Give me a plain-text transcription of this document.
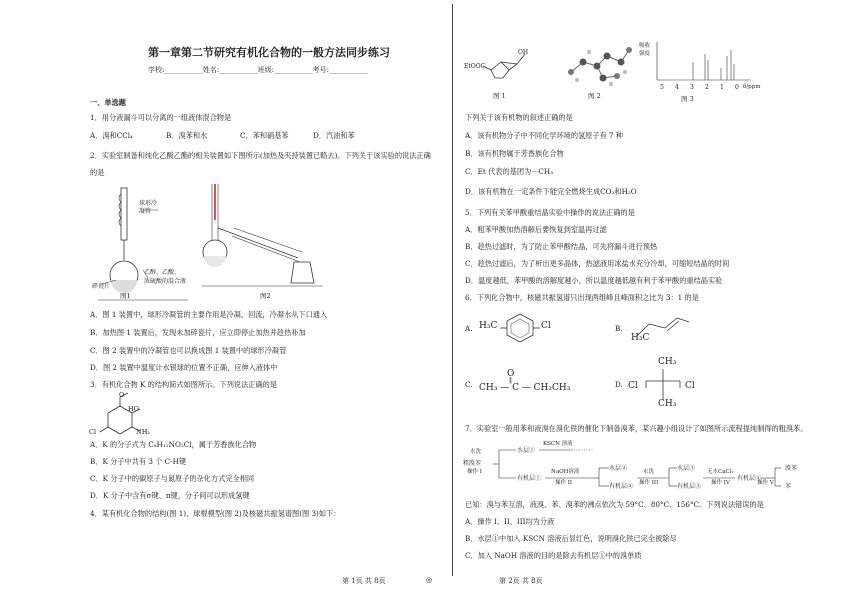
第一章第二节研究有机化合物的一般方法同步练习
学校:___________姓名:___________班级:___________考号:___________
一、单选题
1．用分液漏斗可以分离的一组液体混合物是
A．溴和CCl₄	B．溴苯和水	C．苯和硝基苯	D．汽油和苯
2．实验室制备和纯化乙酸乙酯的相关装置如下图所示(加热及夹持装置已略去)。下列关于该实验的说法正确
的是
球形冷
凝管
乙醇、乙酸、
碎瓷片
浓硫酸的混合液
图1	图2
A．图 1 装置中，球形冷凝管的主要作用是冷凝、回流，冷凝水从下口通入
B．加热图 1 装置后，发现未加碎瓷片，应立即停止加热并趁热补加
C．图 2 装置中的冷凝管也可以换成图 1 装置中的球形冷凝管
D．图 2 装置中温度计水银球的位置不正确，应伸入液体中
3．有机化合物 K 的结构简式如图所示。下列说法正确的是
O
HO
Cl	NH₂
A．K 的分子式为 C₈H₁₂NO₂Cl，属于芳香族化合物
B．K 分子中共有 3 个 C-H键
C．K 分子中的碳原子与氮原子的杂化方式完全相同
D．K 分子中含有σ键、π键，分子间可以形成氢键
4．某有机化合物的结构(图 1)、球棍模型(图 2)及核磁共振氢谱图(图 3)如下：
第 1页 共 8页	◎
EtOOC
OH
图 1	图 2
吸收
强度
5 4 3 2 1 0 δ/ppm
图 3
下列关于该有机物的叙述正确的是
A．该有机物分子中不同化学环境的氢原子有 7 种
B．该有机物属于芳香族化合物
C．Et 代表的基团为－CH₃
D．该有机物在一定条件下能完全燃烧生成CO₂和H₂O
5．下列有关苯甲酸重结晶实验中操作的说法正确的是
A．粗苯甲酸加热溶解后要恢复到室温再过滤
B．趁热过滤时，为了防止苯甲酸结晶，可先将漏斗进行预热
C．趁热过滤后，为了析出更多晶体，热滤液用冰盐水充分冷却，可缩短结晶的时间
D．温度越低，苯甲酸的溶解度越小，所以温度越低越有利于苯甲酸的重结晶实验
6．下列化合物中，核磁共振氢谱只出现两组峰且峰面积之比为 3：1 的是
A. H₃C	Cl	B.
H₃C
C.
O
‖
CH₃ — C — CH₂CH₃	D.
CH₃
Cl	Cl
CH₃
7．实验室一般用苯和液溴在溴化铁的催化下制备溴苯，某兴趣小组设计了如图所示流程提纯制得的粗溴苯。
粗溴苯
水洗
操作 I
水层①
KSCN 溶液
有机层①
NaOH溶液
操作 II
水层②
有机层②
水洗
操作 III
水层③
有机层③
无水CaCl₂
操作 IV
有机层④
操作 V
溴苯
苯
已知：溴与苯互溶，液溴、苯、溴苯的沸点依次为 59°C、80°C、156°C。下列说法错误的是
A．操作 I、II、III均为分液
B．水层①中加入 KSCN 溶液后显红色，说明溴化铁已完全被除尽
C．加入 NaOH 溶液的目的是除去有机层①中的溴单质
第 2页 共 8页
